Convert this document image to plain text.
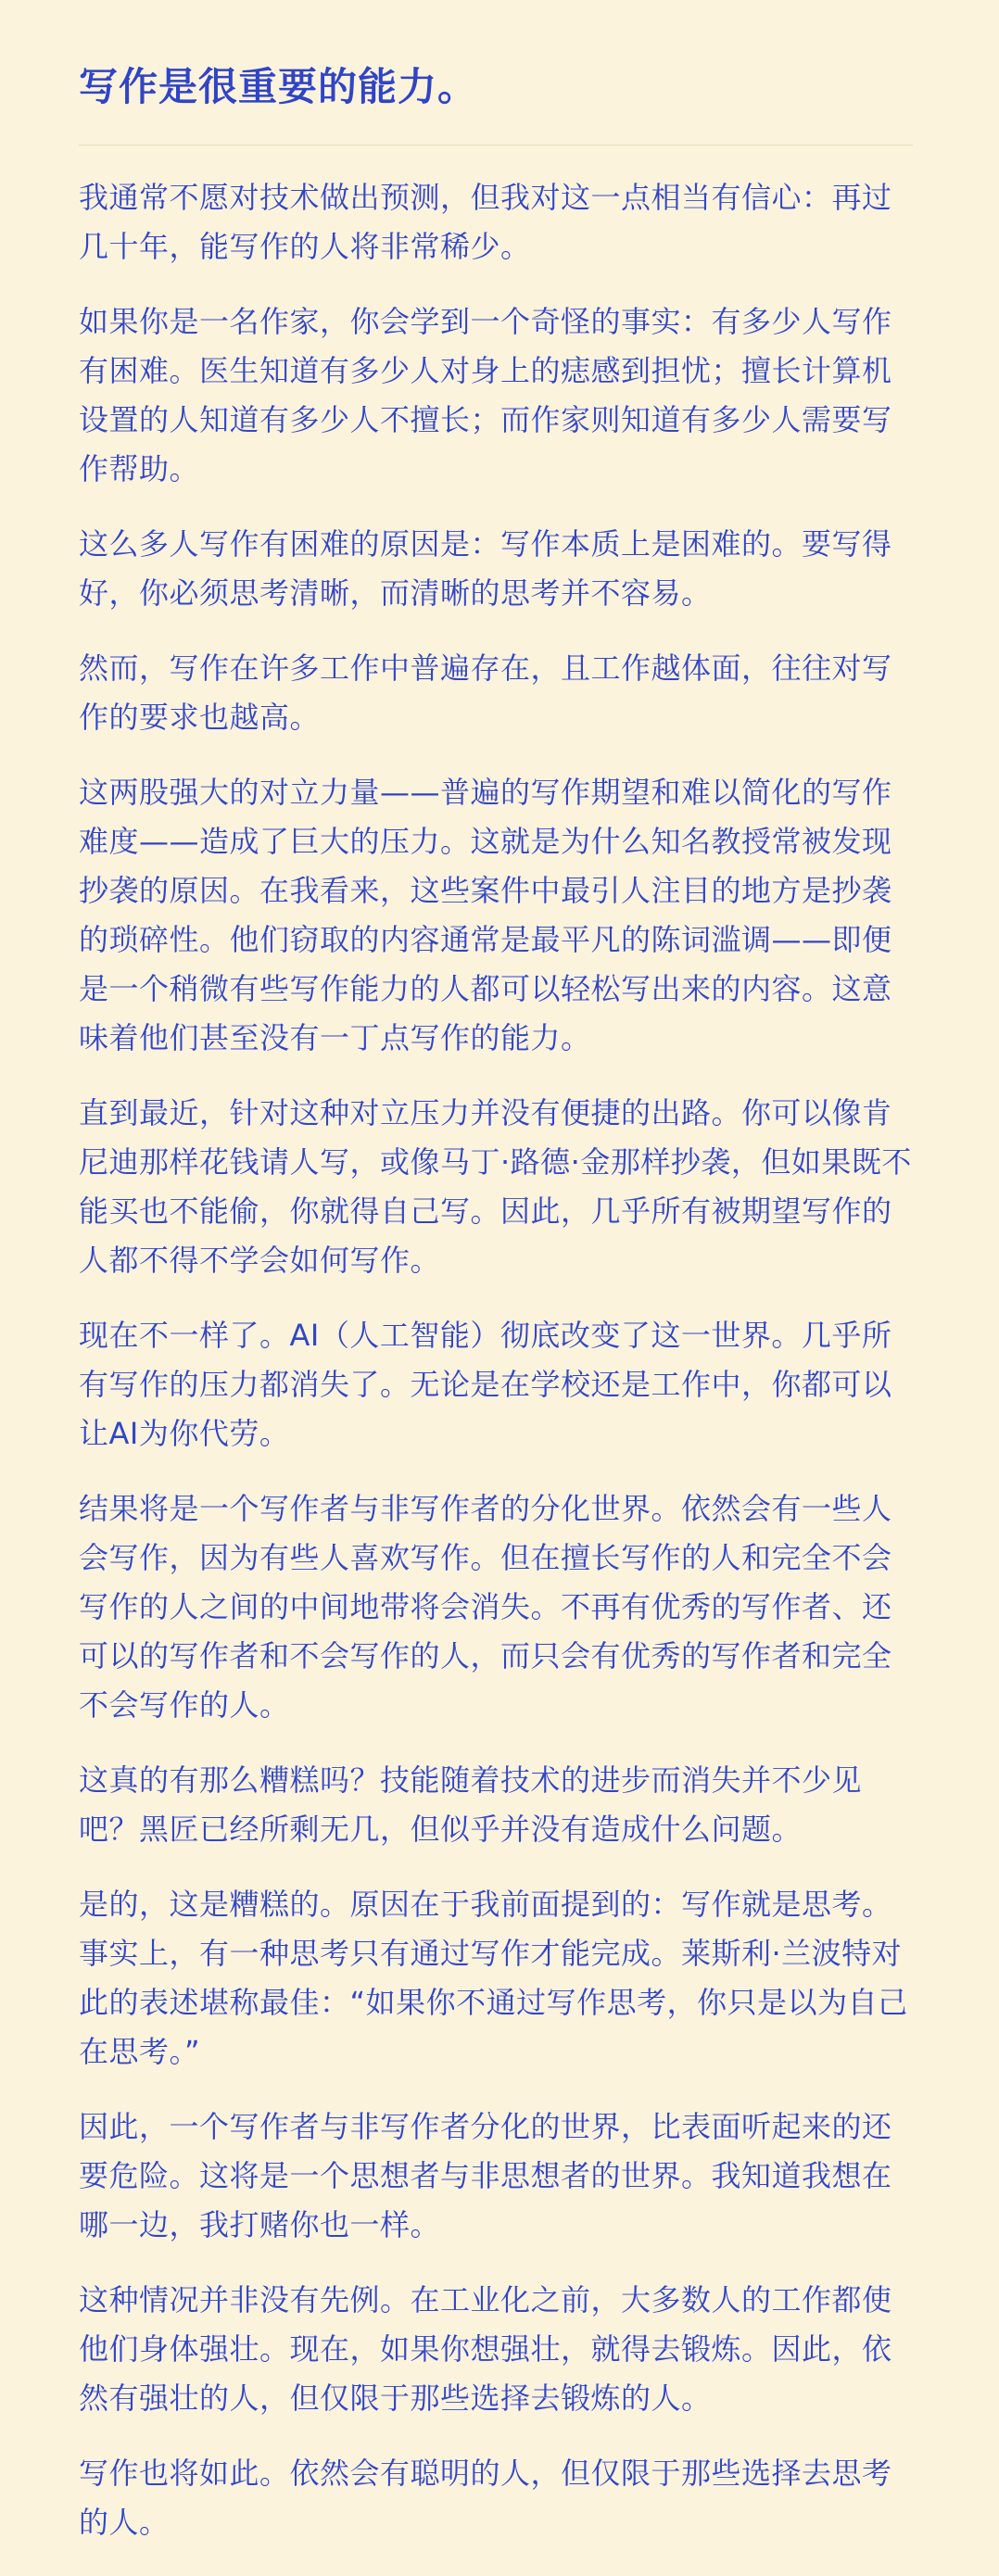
写作是很重要的能力。

我通常不愿对技术做出预测，但我对这一点相当有信心：再过几十年，能写作的人将非常稀少。

如果你是一名作家，你会学到一个奇怪的事实：有多少人写作有困难。医生知道有多少人对身上的痣感到担忧；擅长计算机设置的人知道有多少人不擅长；而作家则知道有多少人需要写作帮助。

这么多人写作有困难的原因是：写作本质上是困难的。要写得好，你必须思考清晰，而清晰的思考并不容易。

然而，写作在许多工作中普遍存在，且工作越体面，往往对写作的要求也越高。

这两股强大的对立力量——普遍的写作期望和难以简化的写作难度——造成了巨大的压力。这就是为什么知名教授常被发现抄袭的原因。在我看来，这些案件中最引人注目的地方是抄袭的琐碎性。他们窃取的内容通常是最平凡的陈词滥调——即便是一个稍微有些写作能力的人都可以轻松写出来的内容。这意味着他们甚至没有一丁点写作的能力。

直到最近，针对这种对立压力并没有便捷的出路。你可以像肯尼迪那样花钱请人写，或像马丁·路德·金那样抄袭，但如果既不能买也不能偷，你就得自己写。因此，几乎所有被期望写作的人都不得不学会如何写作。

现在不一样了。AI（人工智能）彻底改变了这一世界。几乎所有写作的压力都消失了。无论是在学校还是工作中，你都可以让AI为你代劳。

结果将是一个写作者与非写作者的分化世界。依然会有一些人会写作，因为有些人喜欢写作。但在擅长写作的人和完全不会写作的人之间的中间地带将会消失。不再有优秀的写作者、还可以的写作者和不会写作的人，而只会有优秀的写作者和完全不会写作的人。

这真的有那么糟糕吗？技能随着技术的进步而消失并不少见吧？黑匠已经所剩无几，但似乎并没有造成什么问题。

是的，这是糟糕的。原因在于我前面提到的：写作就是思考。事实上，有一种思考只有通过写作才能完成。莱斯利·兰波特对此的表述堪称最佳：“如果你不通过写作思考，你只是以为自己在思考。”

因此，一个写作者与非写作者分化的世界，比表面听起来的还要危险。这将是一个思想者与非思想者的世界。我知道我想在哪一边，我打赌你也一样。

这种情况并非没有先例。在工业化之前，大多数人的工作都使他们身体强壮。现在，如果你想强壮，就得去锻炼。因此，依然有强壮的人，但仅限于那些选择去锻炼的人。

写作也将如此。依然会有聪明的人，但仅限于那些选择去思考的人。
